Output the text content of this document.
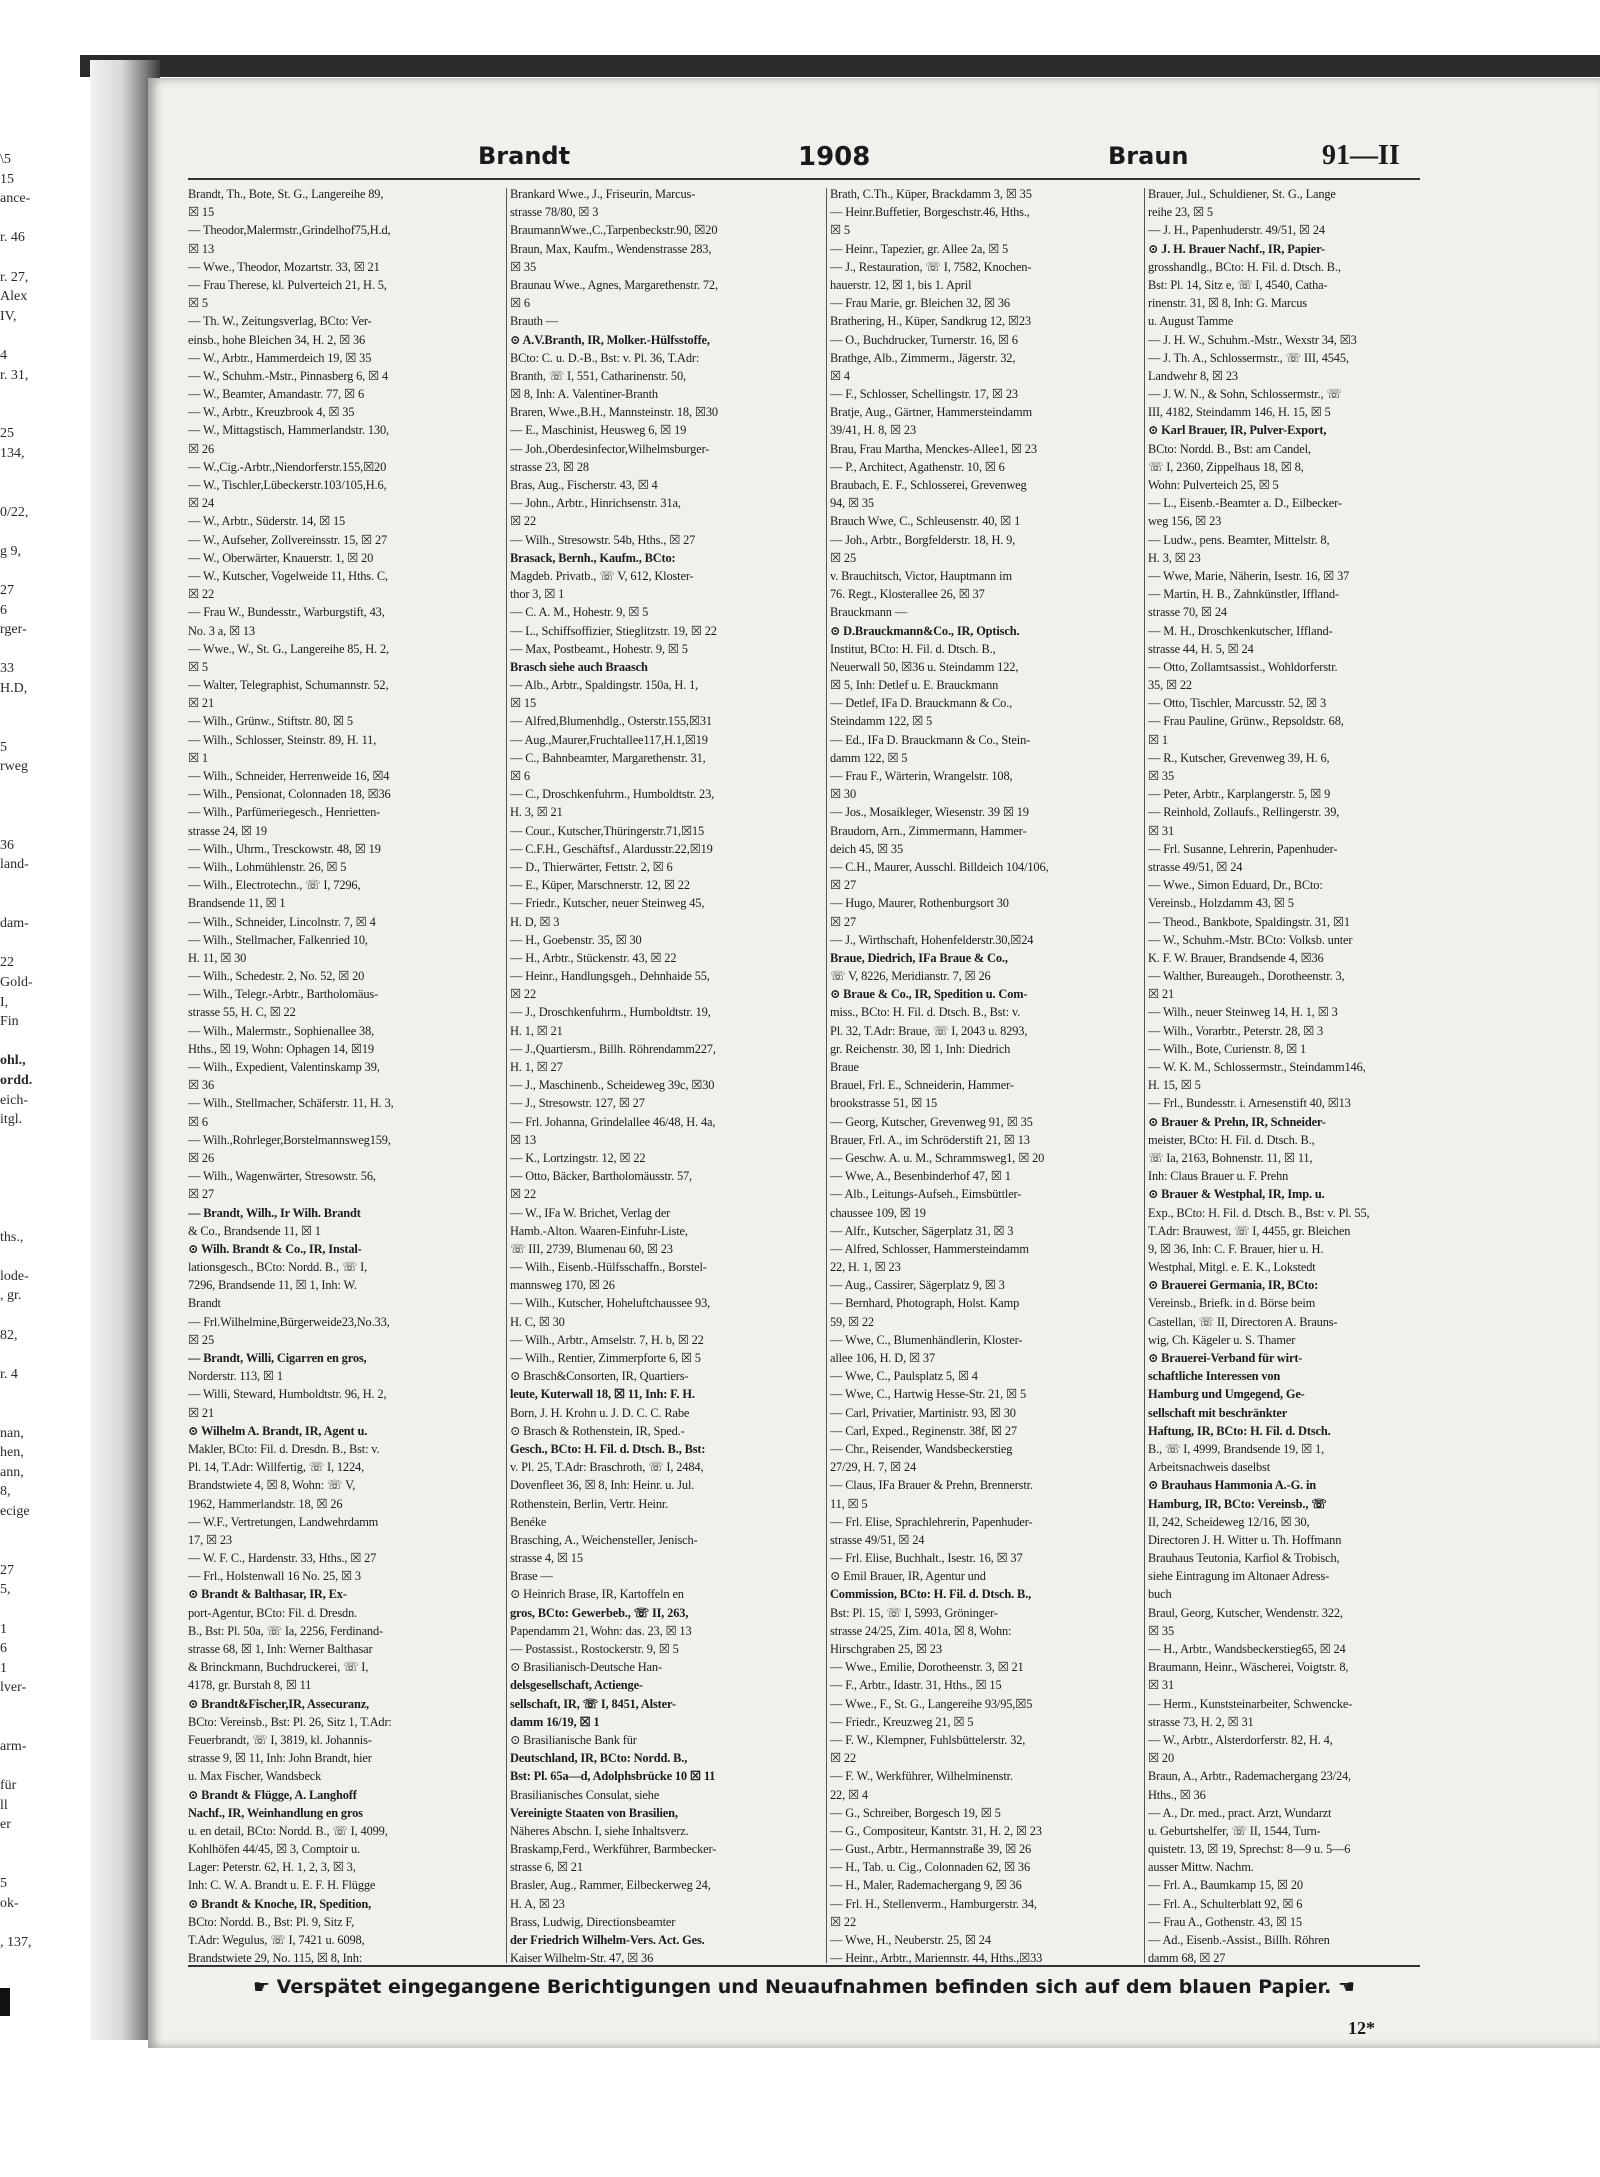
\5
15
ance-
r. 46
r. 27,
Alex
IV,
4
r. 31,
25
134,
0/22,
g 9,
27
6
rger-
33
H.D,
5
rweg
36
land-
dam-
22
Gold-
I,
Fin
ohl.,
ordd.
eich-
itgl.
ths.,
lode-
, gr.
82,
r. 4
nan,
hen,
ann,
8,
ecige
27
5,
1
6
1
lver-
arm-
für
ll
er
5
ok-
, 137,
Brandt	1908	Braun	91—II
Brandt, Th., Bote, St. G., Langereihe 89,
☒ 15
— Theodor,Malermstr.,Grindelhof75,H.d,
☒ 13
— Wwe., Theodor, Mozartstr. 33, ☒ 21
— Frau Therese, kl. Pulverteich 21, H. 5,
☒ 5
— Th. W., Zeitungsverlag, BCto: Ver-
einsb., hohe Bleichen 34, H. 2, ☒ 36
— W., Arbtr., Hammerdeich 19, ☒ 35
— W., Schuhm.-Mstr., Pinnasberg 6, ☒ 4
— W., Beamter, Amandastr. 77, ☒ 6
— W., Arbtr., Kreuzbrook 4, ☒ 35
— W., Mittagstisch, Hammerlandstr. 130,
☒ 26
— W.,Cig.-Arbtr.,Niendorferstr.155,☒20
— W., Tischler,Lübeckerstr.103/105,H.6,
☒ 24
— W., Arbtr., Süderstr. 14, ☒ 15
— W., Aufseher, Zollvereinsstr. 15, ☒ 27
— W., Oberwärter, Knauerstr. 1, ☒ 20
— W., Kutscher, Vogelweide 11, Hths. C,
☒ 22
— Frau W., Bundesstr., Warburgstift, 43,
No. 3 a, ☒ 13
— Wwe., W., St. G., Langereihe 85, H. 2,
☒ 5
— Walter, Telegraphist, Schumannstr. 52,
☒ 21
— Wilh., Grünw., Stiftstr. 80, ☒ 5
— Wilh., Schlosser, Steinstr. 89, H. 11,
☒ 1
— Wilh., Schneider, Herrenweide 16, ☒4
— Wilh., Pensionat, Colonnaden 18, ☒36
— Wilh., Parfümeriegesch., Henrietten-
strasse 24, ☒ 19
— Wilh., Uhrm., Tresckowstr. 48, ☒ 19
— Wilh., Lohmühlenstr. 26, ☒ 5
— Wilh., Electrotechn., ☏ I, 7296,
Brandsende 11, ☒ 1
— Wilh., Schneider, Lincolnstr. 7, ☒ 4
— Wilh., Stellmacher, Falkenried 10,
H. 11, ☒ 30
— Wilh., Schedestr. 2, No. 52, ☒ 20
— Wilh., Telegr.-Arbtr., Bartholomäus-
strasse 55, H. C, ☒ 22
— Wilh., Malermstr., Sophienallee 38,
Hths., ☒ 19, Wohn: Ophagen 14, ☒19
— Wilh., Expedient, Valentinskamp 39,
☒ 36
— Wilh., Stellmacher, Schäferstr. 11, H. 3,
☒ 6
— Wilh.,Rohrleger,Borstelmannsweg159,
☒ 26
— Wilh., Wagenwärter, Stresowstr. 56,
☒ 27
— Brandt, Wilh., Ir Wilh. Brandt
& Co., Brandsende 11, ☒ 1
⊙ Wilh. Brandt & Co., IR, Instal-
lationsgesch., BCto: Nordd. B., ☏ I,
7296, Brandsende 11, ☒ 1, Inh: W.
Brandt
— Frl.Wilhelmine,Bürgerweide23,No.33,
☒ 25
— Brandt, Willi, Cigarren en gros,
Norderstr. 113, ☒ 1
— Willi, Steward, Humboldtstr. 96, H. 2,
☒ 21
⊙ Wilhelm A. Brandt, IR, Agent u.
Makler, BCto: Fil. d. Dresdn. B., Bst: v.
Pl. 14, T.Adr: Willfertig, ☏ I, 1224,
Brandstwiete 4, ☒ 8, Wohn: ☏ V,
1962, Hammerlandstr. 18, ☒ 26
— W.F., Vertretungen, Landwehrdamm
17, ☒ 23
— W. F. C., Hardenstr. 33, Hths., ☒ 27
— Frl., Holstenwall 16 No. 25, ☒ 3
⊙ Brandt & Balthasar, IR, Ex-
port-Agentur, BCto: Fil. d. Dresdn.
B., Bst: Pl. 50a, ☏ Ia, 2256, Ferdinand-
strasse 68, ☒ 1, Inh: Werner Balthasar
& Brinckmann, Buchdruckerei, ☏ I,
4178, gr. Burstah 8, ☒ 11
⊙ Brandt&Fischer,IR, Assecuranz,
BCto: Vereinsb., Bst: Pl. 26, Sitz 1, T.Adr:
Feuerbrandt, ☏ I, 3819, kl. Johannis-
strasse 9, ☒ 11, Inh: John Brandt, hier
u. Max Fischer, Wandsbeck
⊙ Brandt & Flügge, A. Langhoff
Nachf., IR, Weinhandlung en gros
u. en detail, BCto: Nordd. B., ☏ I, 4099,
Kohlhöfen 44/45, ☒ 3, Comptoir u.
Lager: Peterstr. 62, H. 1, 2, 3, ☒ 3,
Inh: C. W. A. Brandt u. E. F. H. Flügge
⊙ Brandt & Knoche, IR, Spedition,
BCto: Nordd. B., Bst: Pl. 9, Sitz F,
T.Adr: Wegulus, ☏ I, 7421 u. 6098,
Brandstwiete 29, No. 115, ☒ 8, Inh:
Brankard Wwe., J., Friseurin, Marcus-
strasse 78/80, ☒ 3
BraumannWwe.,C.,Tarpenbeckstr.90, ☒20
Braun, Max, Kaufm., Wendenstrasse 283,
☒ 35
Braunau Wwe., Agnes, Margarethenstr. 72,
☒ 6
Brauth —
⊙ A.V.Branth, IR, Molker.-Hülfsstoffe,
BCto: C. u. D.-B., Bst: v. Pl. 36, T.Adr:
Branth, ☏ I, 551, Catharinenstr. 50,
☒ 8, Inh: A. Valentiner-Branth
Braren, Wwe.,B.H., Mannsteinstr. 18, ☒30
— E., Maschinist, Heusweg 6, ☒ 19
— Joh.,Oberdesinfector,Wilhelmsburger-
strasse 23, ☒ 28
Bras, Aug., Fischerstr. 43, ☒ 4
— John., Arbtr., Hinrichsenstr. 31a,
☒ 22
— Wilh., Stresowstr. 54b, Hths., ☒ 27
Brasack, Bernh., Kaufm., BCto:
Magdeb. Privatb., ☏ V, 612, Kloster-
thor 3, ☒ 1
— C. A. M., Hohestr. 9, ☒ 5
— L., Schiffsoffizier, Stieglitzstr. 19, ☒ 22
— Max, Postbeamt., Hohestr. 9, ☒ 5
Brasch siehe auch Braasch
— Alb., Arbtr., Spaldingstr. 150a, H. 1,
☒ 15
— Alfred,Blumenhdlg., Osterstr.155,☒31
— Aug.,Maurer,Fruchtallee117,H.1,☒19
— C., Bahnbeamter, Margarethenstr. 31,
☒ 6
— C., Droschkenfuhrm., Humboldtstr. 23,
H. 3, ☒ 21
— Cour., Kutscher,Thüringerstr.71,☒15
— C.F.H., Geschäftsf., Alardusstr.22,☒19
— D., Thierwärter, Fettstr. 2, ☒ 6
— E., Küper, Marschnerstr. 12, ☒ 22
— Friedr., Kutscher, neuer Steinweg 45,
H. D, ☒ 3
— H., Goebenstr. 35, ☒ 30
— H., Arbtr., Stückenstr. 43, ☒ 22
— Heinr., Handlungsgeh., Dehnhaide 55,
☒ 22
— J., Droschkenfuhrm., Humboldtstr. 19,
H. 1, ☒ 21
— J.,Quartiersm., Billh. Röhrendamm227,
H. 1, ☒ 27
— J., Maschinenb., Scheideweg 39c, ☒30
— J., Stresowstr. 127, ☒ 27
— Frl. Johanna, Grindelallee 46/48, H. 4a,
☒ 13
— K., Lortzingstr. 12, ☒ 22
— Otto, Bäcker, Bartholomäusstr. 57,
☒ 22
— W., IFa W. Brichet, Verlag der
Hamb.-Alton. Waaren-Einfuhr-Liste,
☏ III, 2739, Blumenau 60, ☒ 23
— Wilh., Eisenb.-Hülfsschaffn., Borstel-
mannsweg 170, ☒ 26
— Wilh., Kutscher, Hoheluftchaussee 93,
H. C, ☒ 30
— Wilh., Arbtr., Amselstr. 7, H. b, ☒ 22
— Wilh., Rentier, Zimmerpforte 6, ☒ 5
⊙ Brasch&Consorten, IR, Quartiers-
leute, Kuterwall 18, ☒ 11, Inh: F. H.
Born, J. H. Krohn u. J. D. C. C. Rabe
⊙ Brasch & Rothenstein, IR, Sped.-
Gesch., BCto: H. Fil. d. Dtsch. B., Bst:
v. Pl. 25, T.Adr: Braschroth, ☏ I, 2484,
Dovenfleet 36, ☒ 8, Inh: Heinr. u. Jul.
Rothenstein, Berlin, Vertr. Heinr.
Benéke
Brasching, A., Weichensteller, Jenisch-
strasse 4, ☒ 15
Brase —
⊙ Heinrich Brase, IR, Kartoffeln en
gros, BCto: Gewerbeb., ☏ II, 263,
Papendamm 21, Wohn: das. 23, ☒ 13
— Postassist., Rostockerstr. 9, ☒ 5
⊙ Brasilianisch-Deutsche Han-
delsgesellschaft, Actienge-
sellschaft, IR, ☏ I, 8451, Alster-
damm 16/19, ☒ 1
⊙ Brasilianische Bank für
Deutschland, IR, BCto: Nordd. B.,
Bst: Pl. 65a—d, Adolphsbrücke 10 ☒ 11
Brasilianisches Consulat, siehe
Vereinigte Staaten von Brasilien,
Näheres Abschn. I, siehe Inhaltsverz.
Braskamp,Ferd., Werkführer, Barmbecker-
strasse 6, ☒ 21
Brasler, Aug., Rammer, Eilbeckerweg 24,
H. A, ☒ 23
Brass, Ludwig, Directionsbeamter
der Friedrich Wilhelm-Vers. Act. Ges.
Kaiser Wilhelm-Str. 47, ☒ 36
Brath, C.Th., Küper, Brackdamm 3, ☒ 35
— Heinr.Buffetier, Borgeschstr.46, Hths.,
☒ 5
— Heinr., Tapezier, gr. Allee 2a, ☒ 5
— J., Restauration, ☏ I, 7582, Knochen-
hauerstr. 12, ☒ 1, bis 1. April
— Frau Marie, gr. Bleichen 32, ☒ 36
Brathering, H., Küper, Sandkrug 12, ☒23
— O., Buchdrucker, Turnerstr. 16, ☒ 6
Brathge, Alb., Zimmerm., Jägerstr. 32,
☒ 4
— F., Schlosser, Schellingstr. 17, ☒ 23
Bratje, Aug., Gärtner, Hammersteindamm
39/41, H. 8, ☒ 23
Brau, Frau Martha, Menckes-Allee1, ☒ 23
— P., Architect, Agathenstr. 10, ☒ 6
Braubach, E. F., Schlosserei, Grevenweg
94, ☒ 35
Brauch Wwe, C., Schleusenstr. 40, ☒ 1
— Joh., Arbtr., Borgfelderstr. 18, H. 9,
☒ 25
v. Brauchitsch, Victor, Hauptmann im
76. Regt., Klosterallee 26, ☒ 37
Brauckmann —
⊙ D.Brauckmann&Co., IR, Optisch.
Institut, BCto: H. Fil. d. Dtsch. B.,
Neuerwall 50, ☒36 u. Steindamm 122,
☒ 5, Inh: Detlef u. E. Brauckmann
— Detlef, IFa D. Brauckmann & Co.,
Steindamm 122, ☒ 5
— Ed., IFa D. Brauckmann & Co., Stein-
damm 122, ☒ 5
— Frau F., Wärterin, Wrangelstr. 108,
☒ 30
— Jos., Mosaikleger, Wiesenstr. 39 ☒ 19
Braudorn, Arn., Zimmermann, Hammer-
deich 45, ☒ 35
— C.H., Maurer, Ausschl. Billdeich 104/106,
☒ 27
— Hugo, Maurer, Rothenburgsort 30
☒ 27
— J., Wirthschaft, Hohenfelderstr.30,☒24
Braue, Diedrich, IFa Braue & Co.,
☏ V, 8226, Meridianstr. 7, ☒ 26
⊙ Braue & Co., IR, Spedition u. Com-
miss., BCto: H. Fil. d. Dtsch. B., Bst: v.
Pl. 32, T.Adr: Braue, ☏ I, 2043 u. 8293,
gr. Reichenstr. 30, ☒ 1, Inh: Diedrich
Braue
Brauel, Frl. E., Schneiderin, Hammer-
brookstrasse 51, ☒ 15
— Georg, Kutscher, Grevenweg 91, ☒ 35
Brauer, Frl. A., im Schröderstift 21, ☒ 13
— Geschw. A. u. M., Schrammsweg1, ☒ 20
— Wwe, A., Besenbinderhof 47, ☒ 1
— Alb., Leitungs-Aufseh., Eimsbüttler-
chaussee 109, ☒ 19
— Alfr., Kutscher, Sägerplatz 31, ☒ 3
— Alfred, Schlosser, Hammersteindamm
22, H. 1, ☒ 23
— Aug., Cassirer, Sägerplatz 9, ☒ 3
— Bernhard, Photograph, Holst. Kamp
59, ☒ 22
— Wwe, C., Blumenhändlerin, Kloster-
allee 106, H. D, ☒ 37
— Wwe, C., Paulsplatz 5, ☒ 4
— Wwe, C., Hartwig Hesse-Str. 21, ☒ 5
— Carl, Privatier, Martinistr. 93, ☒ 30
— Carl, Exped., Reginenstr. 38f, ☒ 27
— Chr., Reisender, Wandsbeckerstieg
27/29, H. 7, ☒ 24
— Claus, IFa Brauer & Prehn, Brennerstr.
11, ☒ 5
— Frl. Elise, Sprachlehrerin, Papenhuder-
strasse 49/51, ☒ 24
— Frl. Elise, Buchhalt., Isestr. 16, ☒ 37
⊙ Emil Brauer, IR, Agentur und
Commission, BCto: H. Fil. d. Dtsch. B.,
Bst: Pl. 15, ☏ I, 5993, Gröninger-
strasse 24/25, Zim. 401a, ☒ 8, Wohn:
Hirschgraben 25, ☒ 23
— Wwe., Emilie, Dorotheenstr. 3, ☒ 21
— F., Arbtr., Idastr. 31, Hths., ☒ 15
— Wwe., F., St. G., Langereihe 93/95,☒5
— Friedr., Kreuzweg 21, ☒ 5
— F. W., Klempner, Fuhlsbüttelerstr. 32,
☒ 22
— F. W., Werkführer, Wilhelminenstr.
22, ☒ 4
— G., Schreiber, Borgesch 19, ☒ 5
— G., Compositeur, Kantstr. 31, H. 2, ☒ 23
— Gust., Arbtr., Hermannstraße 39, ☒ 26
— H., Tab. u. Cig., Colonnaden 62, ☒ 36
— H., Maler, Rademachergang 9, ☒ 36
— Frl. H., Stellenverm., Hamburgerstr. 34,
☒ 22
— Wwe, H., Neuberstr. 25, ☒ 24
— Heinr., Arbtr., Mariennstr. 44, Hths.,☒33
Brauer, Jul., Schuldiener, St. G., Lange
reihe 23, ☒ 5
— J. H., Papenhuderstr. 49/51, ☒ 24
⊙ J. H. Brauer Nachf., IR, Papier-
grosshandlg., BCto: H. Fil. d. Dtsch. B.,
Bst: Pl. 14, Sitz e, ☏ I, 4540, Catha-
rinenstr. 31, ☒ 8, Inh: G. Marcus
u. August Tamme
— J. H. W., Schuhm.-Mstr., Wexstr 34, ☒3
— J. Th. A., Schlossermstr., ☏ III, 4545,
Landwehr 8, ☒ 23
— J. W. N., & Sohn, Schlossermstr., ☏
III, 4182, Steindamm 146, H. 15, ☒ 5
⊙ Karl Brauer, IR, Pulver-Export,
BCto: Nordd. B., Bst: am Candel,
☏ I, 2360, Zippelhaus 18, ☒ 8,
Wohn: Pulverteich 25, ☒ 5
— L., Eisenb.-Beamter a. D., Eilbecker-
weg 156, ☒ 23
— Ludw., pens. Beamter, Mittelstr. 8,
H. 3, ☒ 23
— Wwe, Marie, Näherin, Isestr. 16, ☒ 37
— Martin, H. B., Zahnkünstler, Iffland-
strasse 70, ☒ 24
— M. H., Droschkenkutscher, Iffland-
strasse 44, H. 5, ☒ 24
— Otto, Zollamtsassist., Wohldorferstr.
35, ☒ 22
— Otto, Tischler, Marcusstr. 52, ☒ 3
— Frau Pauline, Grünw., Repsoldstr. 68,
☒ 1
— R., Kutscher, Grevenweg 39, H. 6,
☒ 35
— Peter, Arbtr., Karplangerstr. 5, ☒ 9
— Reinhold, Zollaufs., Rellingerstr. 39,
☒ 31
— Frl. Susanne, Lehrerin, Papenhuder-
strasse 49/51, ☒ 24
— Wwe., Simon Eduard, Dr., BCto:
Vereinsb., Holzdamm 43, ☒ 5
— Theod., Bankbote, Spaldingstr. 31, ☒1
— W., Schuhm.-Mstr. BCto: Volksb. unter
K. F. W. Brauer, Brandsende 4, ☒36
— Walther, Bureaugeh., Dorotheenstr. 3,
☒ 21
— Wilh., neuer Steinweg 14, H. 1, ☒ 3
— Wilh., Vorarbtr., Peterstr. 28, ☒ 3
— Wilh., Bote, Curienstr. 8, ☒ 1
— W. K. M., Schlossermstr., Steindamm146,
H. 15, ☒ 5
— Frl., Bundesstr. i. Arnesenstift 40, ☒13
⊙ Brauer & Prehn, IR, Schneider-
meister, BCto: H. Fil. d. Dtsch. B.,
☏ Ia, 2163, Bohnenstr. 11, ☒ 11,
Inh: Claus Brauer u. F. Prehn
⊙ Brauer & Westphal, IR, Imp. u.
Exp., BCto: H. Fil. d. Dtsch. B., Bst: v. Pl. 55,
T.Adr: Brauwest, ☏ I, 4455, gr. Bleichen
9, ☒ 36, Inh: C. F. Brauer, hier u. H.
Westphal, Mitgl. e. E. K., Lokstedt
⊙ Brauerei Germania, IR, BCto:
Vereinsb., Briefk. in d. Börse beim
Castellan, ☏ II, Directoren A. Brauns-
wig, Ch. Kägeler u. S. Thamer
⊙ Brauerei-Verband für wirt-
schaftliche Interessen von
Hamburg und Umgegend, Ge-
sellschaft mit beschränkter
Haftung, IR, BCto: H. Fil. d. Dtsch.
B., ☏ I, 4999, Brandsende 19, ☒ 1,
Arbeitsnachweis daselbst
⊙ Brauhaus Hammonia A.-G. in
Hamburg, IR, BCto: Vereinsb., ☏
II, 242, Scheideweg 12/16, ☒ 30,
Directoren J. H. Witter u. Th. Hoffmann
Brauhaus Teutonia, Karfiol & Trobisch,
siehe Eintragung im Altonaer Adress-
buch
Braul, Georg, Kutscher, Wendenstr. 322,
☒ 35
— H., Arbtr., Wandsbeckerstieg65, ☒ 24
Braumann, Heinr., Wäscherei, Voigtstr. 8,
☒ 31
— Herm., Kunststeinarbeiter, Schwencke-
strasse 73, H. 2, ☒ 31
— W., Arbtr., Alsterdorferstr. 82, H. 4,
☒ 20
Braun, A., Arbtr., Rademachergang 23/24,
Hths., ☒ 36
— A., Dr. med., pract. Arzt, Wundarzt
u. Geburtshelfer, ☏ II, 1544, Turn-
quistetr. 13, ☒ 19, Sprechst: 8—9 u. 5—6
ausser Mittw. Nachm.
— Frl. A., Baumkamp 15, ☒ 20
— Frl. A., Schulterblatt 92, ☒ 6
— Frau A., Gothenstr. 43, ☒ 15
— Ad., Eisenb.-Assist., Billh. Röhren
damm 68, ☒ 27
☛ Verspätet eingegangene Berichtigungen und Neuaufnahmen befinden sich auf dem blauen Papier. ☚
12*
